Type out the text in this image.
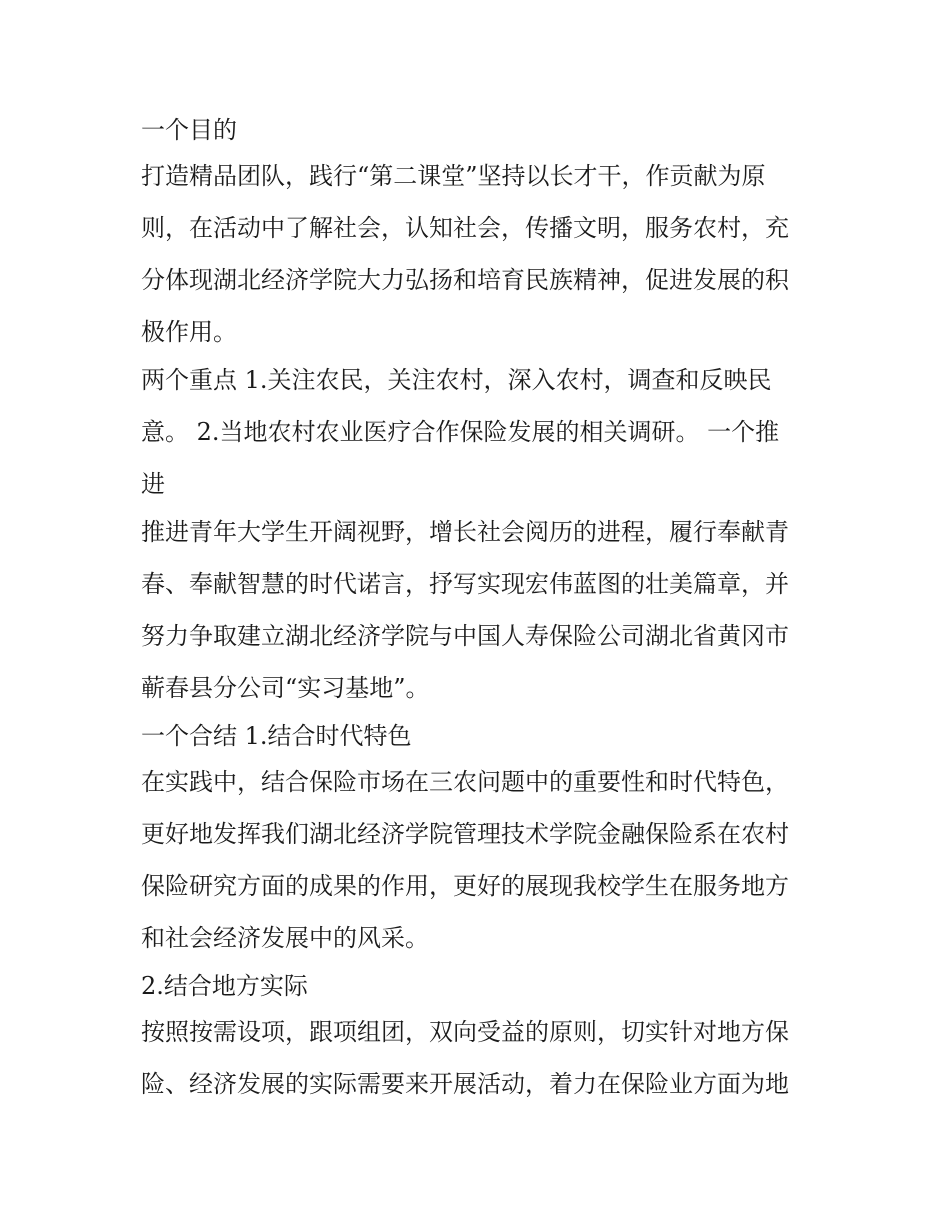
一个目的
打造精品团队，践行“第二课堂”坚持以长才干，作贡献为原
则，在活动中了解社会，认知社会，传播文明，服务农村，充
分体现湖北经济学院大力弘扬和培育民族精神，促进发展的积
极作用。
两个重点 1.关注农民，关注农村，深入农村，调查和反映民
意。 2.当地农村农业医疗合作保险发展的相关调研。 一个推
进
推进青年大学生开阔视野，增长社会阅历的进程，履行奉献青
春、奉献智慧的时代诺言，抒写实现宏伟蓝图的壮美篇章，并
努力争取建立湖北经济学院与中国人寿保险公司湖北省黄冈市
蕲春县分公司“实习基地”。
一个合结 1.结合时代特色
在实践中，结合保险市场在三农问题中的重要性和时代特色，
更好地发挥我们湖北经济学院管理技术学院金融保险系在农村
保险研究方面的成果的作用，更好的展现我校学生在服务地方
和社会经济发展中的风采。
2.结合地方实际
按照按需设项，跟项组团，双向受益的原则，切实针对地方保
险、经济发展的实际需要来开展活动，着力在保险业方面为地
